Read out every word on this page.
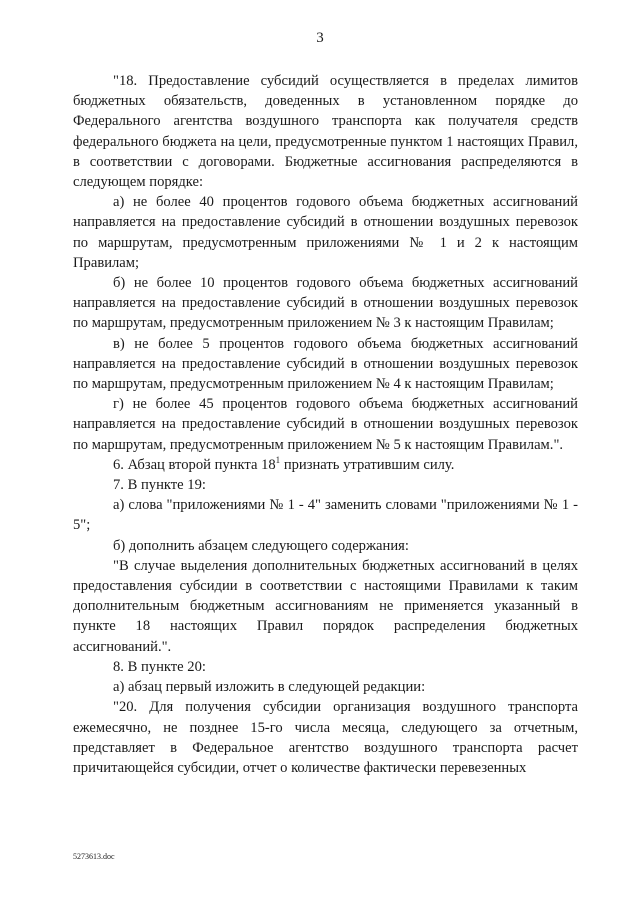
3

"18. Предоставление субсидий осуществляется в пределах лимитов бюджетных обязательств, доведенных в установленном порядке до Федерального агентства воздушного транспорта как получателя средств федерального бюджета на цели, предусмотренные пунктом 1 настоящих Правил, в соответствии с договорами. Бюджетные ассигнования распределяются в следующем порядке:

а) не более 40 процентов годового объема бюджетных ассигнований направляется на предоставление субсидий в отношении воздушных перевозок по маршрутам, предусмотренным приложениями № 1 и 2 к настоящим Правилам;

б) не более 10 процентов годового объема бюджетных ассигнований направляется на предоставление субсидий в отношении воздушных перевозок по маршрутам, предусмотренным приложением № 3 к настоящим Правилам;

в) не более 5 процентов годового объема бюджетных ассигнований направляется на предоставление субсидий в отношении воздушных перевозок по маршрутам, предусмотренным приложением № 4 к настоящим Правилам;

г) не более 45 процентов годового объема бюджетных ассигнований направляется на предоставление субсидий в отношении воздушных перевозок по маршрутам, предусмотренным приложением № 5 к настоящим Правилам.".

6. Абзац второй пункта $18^1$ признать утратившим силу.

7. В пункте 19:

а) слова "приложениями № 1 - 4" заменить словами "приложениями № 1 - 5";

б) дополнить абзацем следующего содержания:

"В случае выделения дополнительных бюджетных ассигнований в целях предоставления субсидии в соответствии с настоящими Правилами к таким дополнительным бюджетным ассигнованиям не применяется указанный в пункте 18 настоящих Правил порядок распределения бюджетных ассигнований.".

8. В пункте 20:

а) абзац первый изложить в следующей редакции:

"20. Для получения субсидии организация воздушного транспорта ежемесячно, не позднее 15-го числа месяца, следующего за отчетным, представляет в Федеральное агентство воздушного транспорта расчет причитающейся субсидии, отчет о количестве фактически перевезенных

5273613.doc
